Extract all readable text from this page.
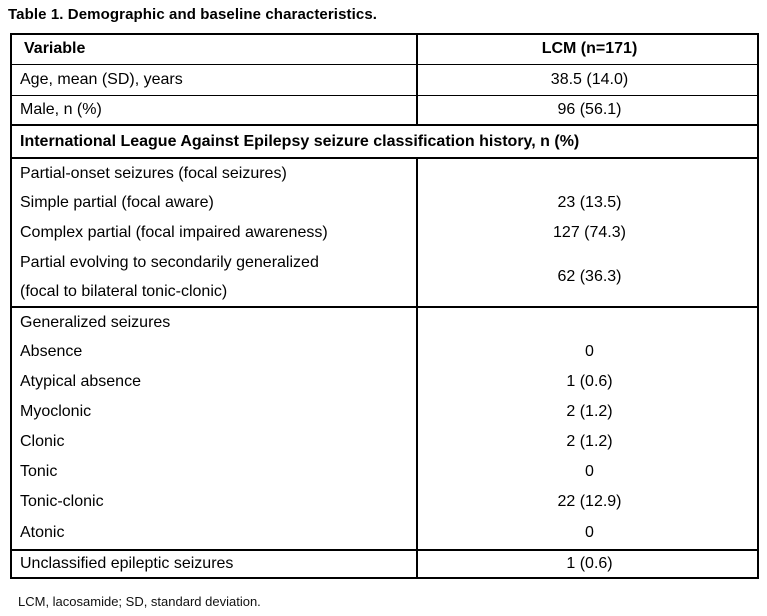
Table 1. Demographic and baseline characteristics.
Variable	LCM (n=171)
Age, mean (SD), years	38.5 (14.0)
Male, n (%)	96 (56.1)
International League Against Epilepsy seizure classification history, n (%)	
Partial-onset seizures (focal seizures)	
Simple partial (focal aware)	23 (13.5)
Complex partial (focal impaired awareness)	127 (74.3)

Partial evolving to secondarily generalized
(focal to bilateral tonic-clonic)	62 (36.3)
Generalized seizures	
Absence	0
Atypical absence	1 (0.6)
Myoclonic	2 (1.2)
Clonic	2 (1.2)
Tonic	0
Tonic-clonic	22 (12.9)
Atonic	0
Unclassified epileptic seizures	1 (0.6)
LCM, lacosamide; SD, standard deviation.
